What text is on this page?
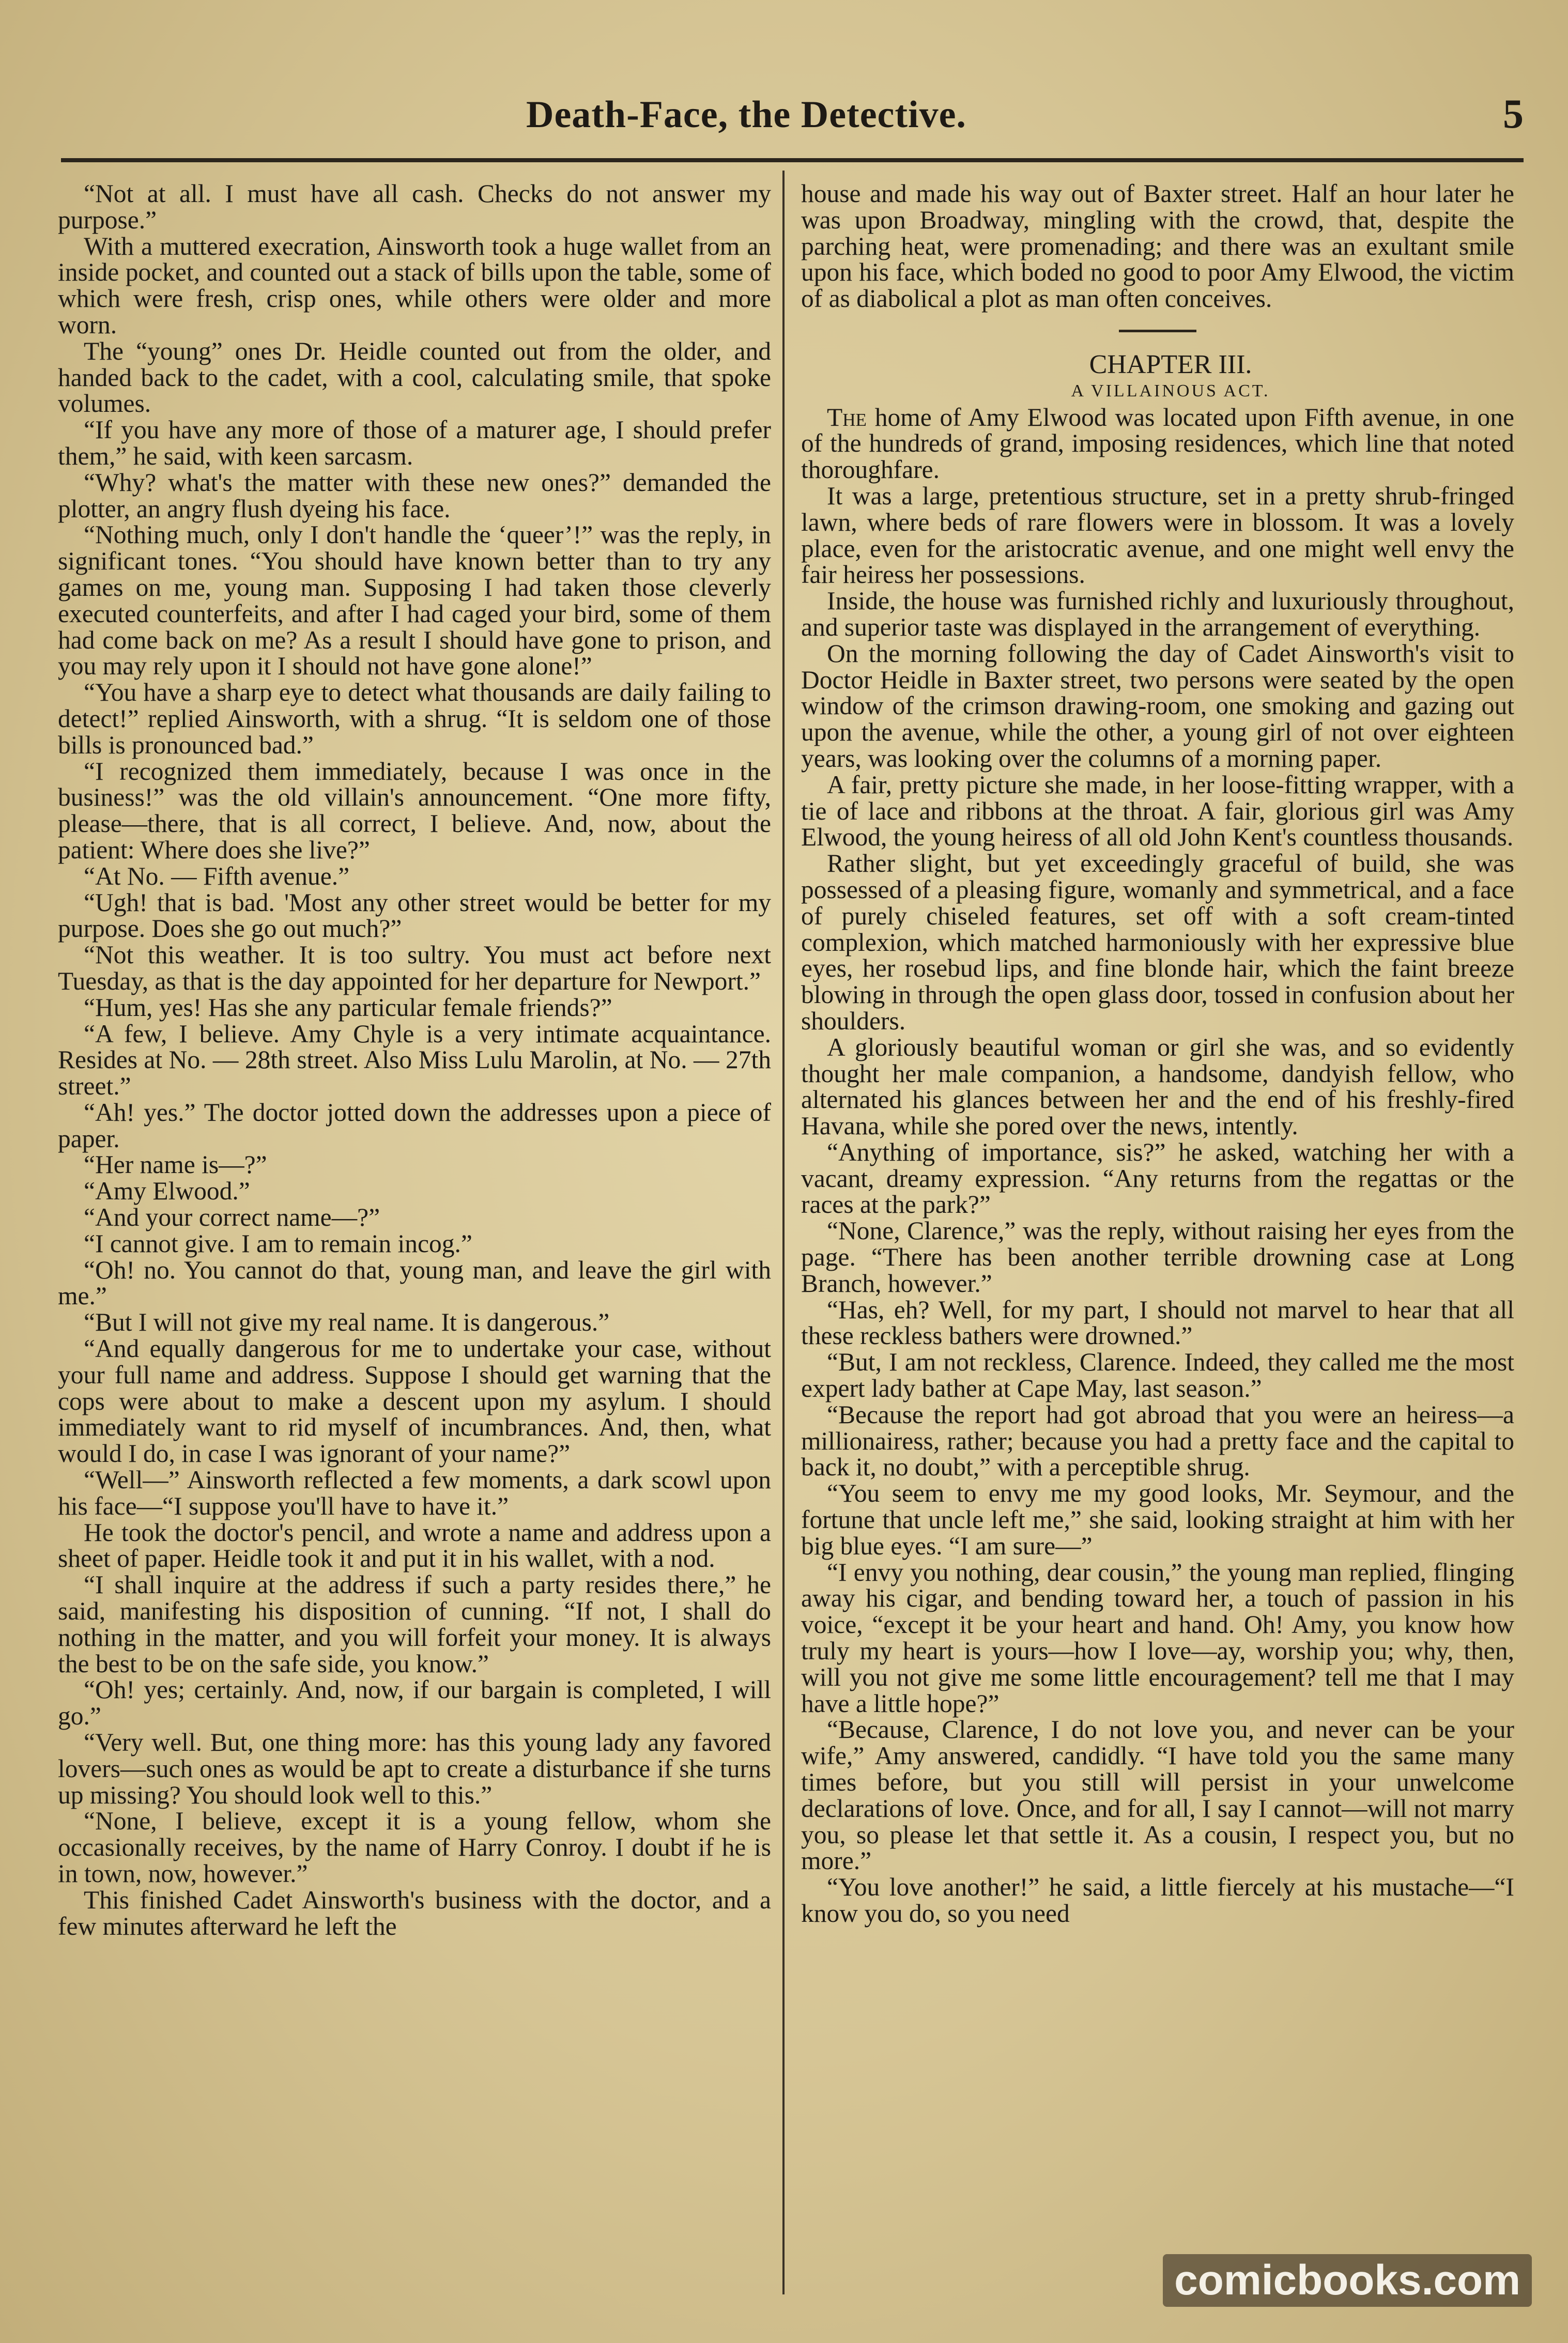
Death-Face, the Detective.	5

“Not at all. I must have all cash. Checks do not answer my purpose.”

With a muttered execration, Ainsworth took a huge wallet from an inside pocket, and counted out a stack of bills upon the table, some of which were fresh, crisp ones, while others were older and more worn.

The “young” ones Dr. Heidle counted out from the older, and handed back to the cadet, with a cool, calculating smile, that spoke volumes.

“If you have any more of those of a maturer age, I should prefer them,” he said, with keen sarcasm.

“Why? what's the matter with these new ones?” demanded the plotter, an angry flush dyeing his face.

“Nothing much, only I don't handle the ‘queer’!” was the reply, in significant tones. “You should have known better than to try any games on me, young man. Supposing I had taken those cleverly executed counterfeits, and after I had caged your bird, some of them had come back on me? As a result I should have gone to prison, and you may rely upon it I should not have gone alone!”

“You have a sharp eye to detect what thousands are daily failing to detect!” replied Ainsworth, with a shrug. “It is seldom one of those bills is pronounced bad.”

“I recognized them immediately, because I was once in the business!” was the old villain's announcement. “One more fifty, please—there, that is all correct, I believe. And, now, about the patient: Where does she live?”

“At No. — Fifth avenue.”

“Ugh! that is bad. 'Most any other street would be better for my purpose. Does she go out much?”

“Not this weather. It is too sultry. You must act before next Tuesday, as that is the day appointed for her departure for Newport.”

“Hum, yes! Has she any particular female friends?”

“A few, I believe. Amy Chyle is a very intimate acquaintance. Resides at No. — 28th street. Also Miss Lulu Marolin, at No. — 27th street.”

“Ah! yes.” The doctor jotted down the addresses upon a piece of paper.

“Her name is—?”

“Amy Elwood.”

“And your correct name—?”

“I cannot give. I am to remain incog.”

“Oh! no. You cannot do that, young man, and leave the girl with me.”

“But I will not give my real name. It is dangerous.”

“And equally dangerous for me to undertake your case, without your full name and address. Suppose I should get warning that the cops were about to make a descent upon my asylum. I should immediately want to rid myself of incumbrances. And, then, what would I do, in case I was ignorant of your name?”

“Well—” Ainsworth reflected a few moments, a dark scowl upon his face—“I suppose you'll have to have it.”

He took the doctor's pencil, and wrote a name and address upon a sheet of paper. Heidle took it and put it in his wallet, with a nod.

“I shall inquire at the address if such a party resides there,” he said, manifesting his disposition of cunning. “If not, I shall do nothing in the matter, and you will forfeit your money. It is always the best to be on the safe side, you know.”

“Oh! yes; certainly. And, now, if our bargain is completed, I will go.”

“Very well. But, one thing more: has this young lady any favored lovers—such ones as would be apt to create a disturbance if she turns up missing? You should look well to this.”

“None, I believe, except it is a young fellow, whom she occasionally receives, by the name of Harry Conroy. I doubt if he is in town, now, however.”

This finished Cadet Ainsworth's business with the doctor, and a few minutes afterward he left the

house and made his way out of Baxter street. Half an hour later he was upon Broadway, mingling with the crowd, that, despite the parching heat, were promenading; and there was an exultant smile upon his face, which boded no good to poor Amy Elwood, the victim of as diabolical a plot as man often conceives.

CHAPTER III.

A VILLAINOUS ACT.

The home of Amy Elwood was located upon Fifth avenue, in one of the hundreds of grand, imposing residences, which line that noted thoroughfare.

It was a large, pretentious structure, set in a pretty shrub-fringed lawn, where beds of rare flowers were in blossom. It was a lovely place, even for the aristocratic avenue, and one might well envy the fair heiress her possessions.

Inside, the house was furnished richly and luxuriously throughout, and superior taste was displayed in the arrangement of everything.

On the morning following the day of Cadet Ainsworth's visit to Doctor Heidle in Baxter street, two persons were seated by the open window of the crimson drawing-room, one smoking and gazing out upon the avenue, while the other, a young girl of not over eighteen years, was looking over the columns of a morning paper.

A fair, pretty picture she made, in her loose-fitting wrapper, with a tie of lace and ribbons at the throat. A fair, glorious girl was Amy Elwood, the young heiress of all old John Kent's countless thousands.

Rather slight, but yet exceedingly graceful of build, she was possessed of a pleasing figure, womanly and symmetrical, and a face of purely chiseled features, set off with a soft cream-tinted complexion, which matched harmoniously with her expressive blue eyes, her rosebud lips, and fine blonde hair, which the faint breeze blowing in through the open glass door, tossed in confusion about her shoulders.

A gloriously beautiful woman or girl she was, and so evidently thought her male companion, a handsome, dandyish fellow, who alternated his glances between her and the end of his freshly-fired Havana, while she pored over the news, intently.

“Anything of importance, sis?” he asked, watching her with a vacant, dreamy expression. “Any returns from the regattas or the races at the park?”

“None, Clarence,” was the reply, without raising her eyes from the page. “There has been another terrible drowning case at Long Branch, however.”

“Has, eh? Well, for my part, I should not marvel to hear that all these reckless bathers were drowned.”

“But, I am not reckless, Clarence. Indeed, they called me the most expert lady bather at Cape May, last season.”

“Because the report had got abroad that you were an heiress—a millionairess, rather; because you had a pretty face and the capital to back it, no doubt,” with a perceptible shrug.

“You seem to envy me my good looks, Mr. Seymour, and the fortune that uncle left me,” she said, looking straight at him with her big blue eyes. “I am sure—”

“I envy you nothing, dear cousin,” the young man replied, flinging away his cigar, and bending toward her, a touch of passion in his voice, “except it be your heart and hand. Oh! Amy, you know how truly my heart is yours—how I love—ay, worship you; why, then, will you not give me some little encouragement? tell me that I may have a little hope?”

“Because, Clarence, I do not love you, and never can be your wife,” Amy answered, candidly. “I have told you the same many times before, but you still will persist in your unwelcome declarations of love. Once, and for all, I say I cannot—will not marry you, so please let that settle it. As a cousin, I respect you, but no more.”

“You love another!” he said, a little fiercely at his mustache—“I know you do, so you need

comicbooks.com
